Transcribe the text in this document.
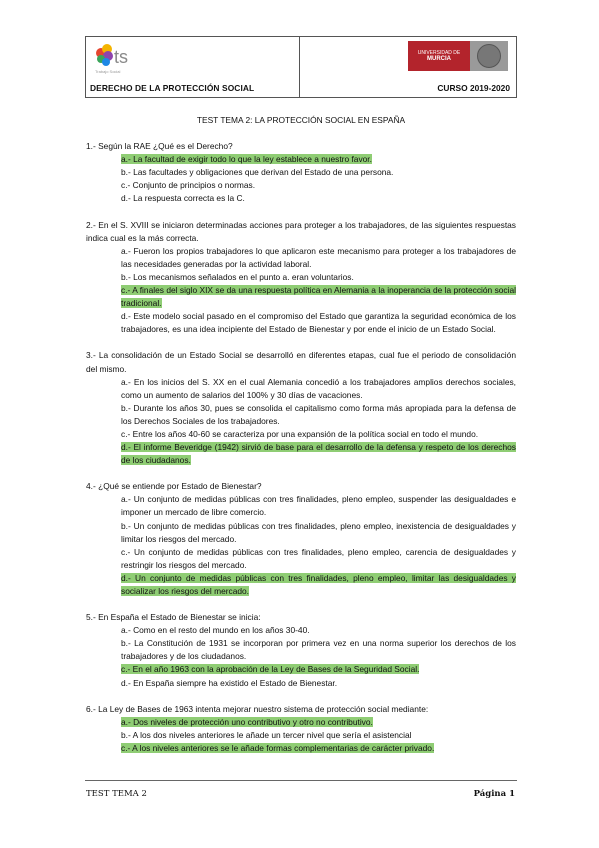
ts
Trabajo Social
DERECHO DE LA PROTECCIÓN SOCIAL
UNIVERSIDAD DE
MURCIA
CURSO 2019-2020
TEST TEMA 2: LA PROTECCIÓN SOCIAL EN ESPAÑA
1.- Según la RAE ¿Qué es el Derecho?
a.- La facultad de exigir todo lo que la ley establece a nuestro favor.
b.- Las facultades y obligaciones que derivan del Estado de una persona.
c.- Conjunto de principios o normas.
d.- La respuesta correcta es la C.
2.- En el S. XVIII se iniciaron determinadas acciones para proteger a los trabajadores, de las siguientes respuestas indica cual es la más correcta.
a.- Fueron los propios trabajadores lo que aplicaron este mecanismo para proteger a los trabajadores de las necesidades generadas por la actividad laboral.
b.- Los mecanismos señalados en el punto a. eran voluntarios.
c.- A finales del siglo XIX se da una respuesta política en Alemania a la inoperancia de la protección social tradicional.
d.- Este modelo social pasado en el compromiso del Estado que garantiza la seguridad económica de los trabajadores, es una idea incipiente del Estado de Bienestar y por ende el inicio de un Estado Social.
3.- La consolidación de un Estado Social se desarrolló en diferentes etapas, cual fue el periodo de consolidación del mismo.
a.- En los inicios del S. XX en el cual Alemania concedió a los trabajadores amplios derechos sociales, como un aumento de salarios del 100% y 30 días de vacaciones.
b.- Durante los años 30, pues se consolida el capitalismo como forma más apropiada para la defensa de los Derechos Sociales de los trabajadores.
c.- Entre los años 40-60 se caracteriza por una expansión de la política social en todo el mundo.
d.- El informe Beveridge (1942) sirvió de base para el desarrollo de la defensa y respeto de los derechos de los ciudadanos.
4.- ¿Qué se entiende por Estado de Bienestar?
a.- Un conjunto de medidas públicas con tres finalidades, pleno empleo, suspender las desigualdades e imponer un mercado de libre comercio.
b.- Un conjunto de medidas públicas con tres finalidades, pleno empleo, inexistencia de desigualdades y limitar los riesgos del mercado.
c.- Un conjunto de medidas públicas con tres finalidades, pleno empleo, carencia de desigualdades y restringir los riesgos del mercado.
d.- Un conjunto de medidas públicas con tres finalidades, pleno empleo, limitar las desigualdades y socializar los riesgos del mercado.
5.- En España el Estado de Bienestar se inicia:
a.- Como en el resto del mundo en los años 30-40.
b.- La Constitución de 1931 se incorporan por primera vez en una norma superior los derechos de los trabajadores y de los ciudadanos.
c.- En el año 1963 con la aprobación de la Ley de Bases de la Seguridad Social.
d.- En España siempre ha existido el Estado de Bienestar.
6.- La Ley de Bases de 1963 intenta mejorar nuestro sistema de protección social mediante:
a.- Dos niveles de protección uno contributivo y otro no contributivo.
b.- A los dos niveles anteriores le añade un tercer nivel que sería el asistencial
c.- A los niveles anteriores se le añade formas complementarias de carácter privado.
TEST TEMA 2	Página 1
